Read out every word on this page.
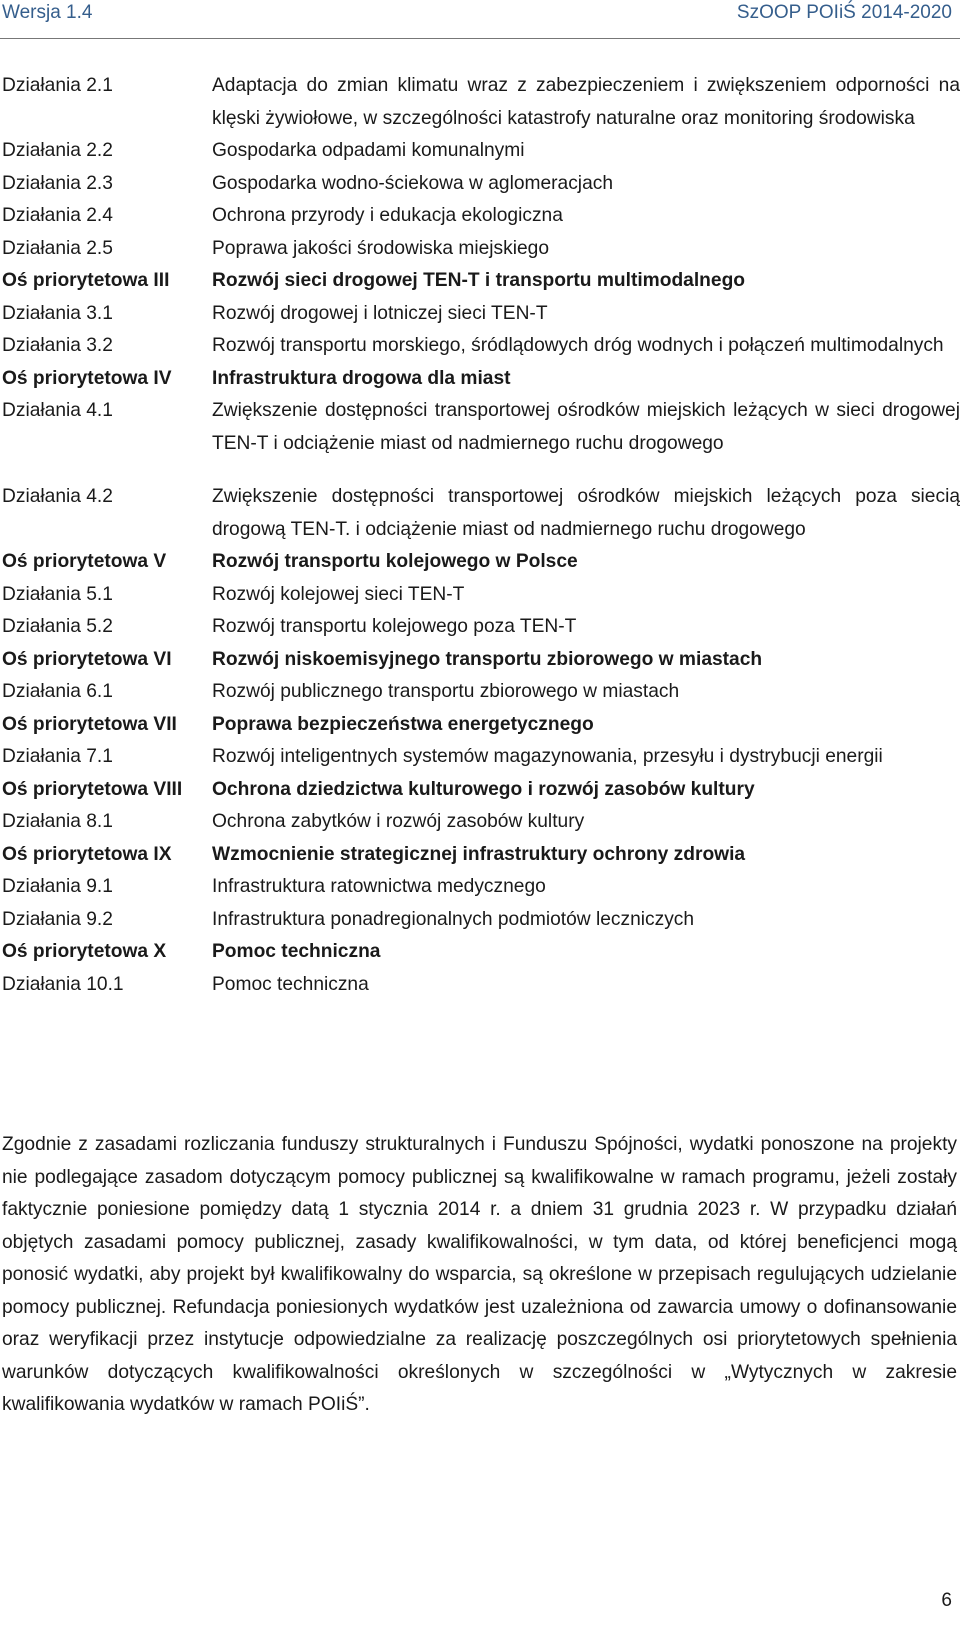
Wersja 1.4	SzOOP POIiŚ 2014-2020
Działania 2.1	Adaptacja do zmian klimatu wraz z zabezpieczeniem i zwiększeniem odporności na klęski żywiołowe, w szczególności katastrofy naturalne oraz monitoring środowiska
Działania 2.2	Gospodarka odpadami komunalnymi
Działania 2.3	Gospodarka wodno-ściekowa w aglomeracjach
Działania 2.4	Ochrona przyrody i edukacja ekologiczna
Działania 2.5	Poprawa jakości środowiska miejskiego
Oś priorytetowa III	Rozwój sieci drogowej TEN-T i transportu multimodalnego
Działania 3.1	Rozwój drogowej i lotniczej sieci TEN-T
Działania 3.2	Rozwój transportu morskiego, śródlądowych dróg wodnych i połączeń multimodalnych
Oś priorytetowa IV	Infrastruktura drogowa dla miast
Działania 4.1	Zwiększenie dostępności transportowej ośrodków miejskich leżących w sieci drogowej TEN-T i odciążenie miast od nadmiernego ruchu drogowego
Działania 4.2	Zwiększenie dostępności transportowej ośrodków miejskich leżących poza siecią drogową TEN-T. i odciążenie miast od nadmiernego ruchu drogowego
Oś priorytetowa V	Rozwój transportu kolejowego w Polsce
Działania 5.1	Rozwój kolejowej sieci TEN-T
Działania 5.2	Rozwój transportu kolejowego poza TEN-T
Oś priorytetowa VI	Rozwój niskoemisyjnego transportu zbiorowego w miastach
Działania 6.1	Rozwój publicznego transportu zbiorowego w miastach
Oś priorytetowa VII	Poprawa bezpieczeństwa energetycznego
Działania 7.1	Rozwój inteligentnych systemów magazynowania, przesyłu i dystrybucji energii
Oś priorytetowa VIII	Ochrona dziedzictwa kulturowego i rozwój zasobów kultury
Działania 8.1	Ochrona zabytków i rozwój zasobów kultury
Oś priorytetowa IX	Wzmocnienie strategicznej infrastruktury ochrony zdrowia
Działania 9.1	Infrastruktura ratownictwa medycznego
Działania 9.2	Infrastruktura ponadregionalnych podmiotów leczniczych
Oś priorytetowa X	Pomoc techniczna
Działania 10.1	Pomoc techniczna

Zgodnie z zasadami rozliczania funduszy strukturalnych i Funduszu Spójności, wydatki ponoszone na projekty nie podlegające zasadom dotyczącym pomocy publicznej są kwalifikowalne w ramach programu, jeżeli zostały faktycznie poniesione pomiędzy datą 1 stycznia 2014 r. a dniem 31 grudnia 2023 r. W przypadku działań objętych zasadami pomocy publicznej, zasady kwalifikowalności, w tym data, od której beneficjenci mogą ponosić wydatki, aby projekt był kwalifikowalny do wsparcia, są określone w przepisach regulujących udzielanie pomocy publicznej. Refundacja poniesionych wydatków jest uzależniona od zawarcia umowy o dofinansowanie oraz weryfikacji przez instytucje odpowiedzialne za realizację poszczególnych osi priorytetowych spełnienia warunków dotyczących kwalifikowalności określonych w szczególności w „Wytycznych w zakresie kwalifikowania wydatków w ramach POIiŚ”.

6
